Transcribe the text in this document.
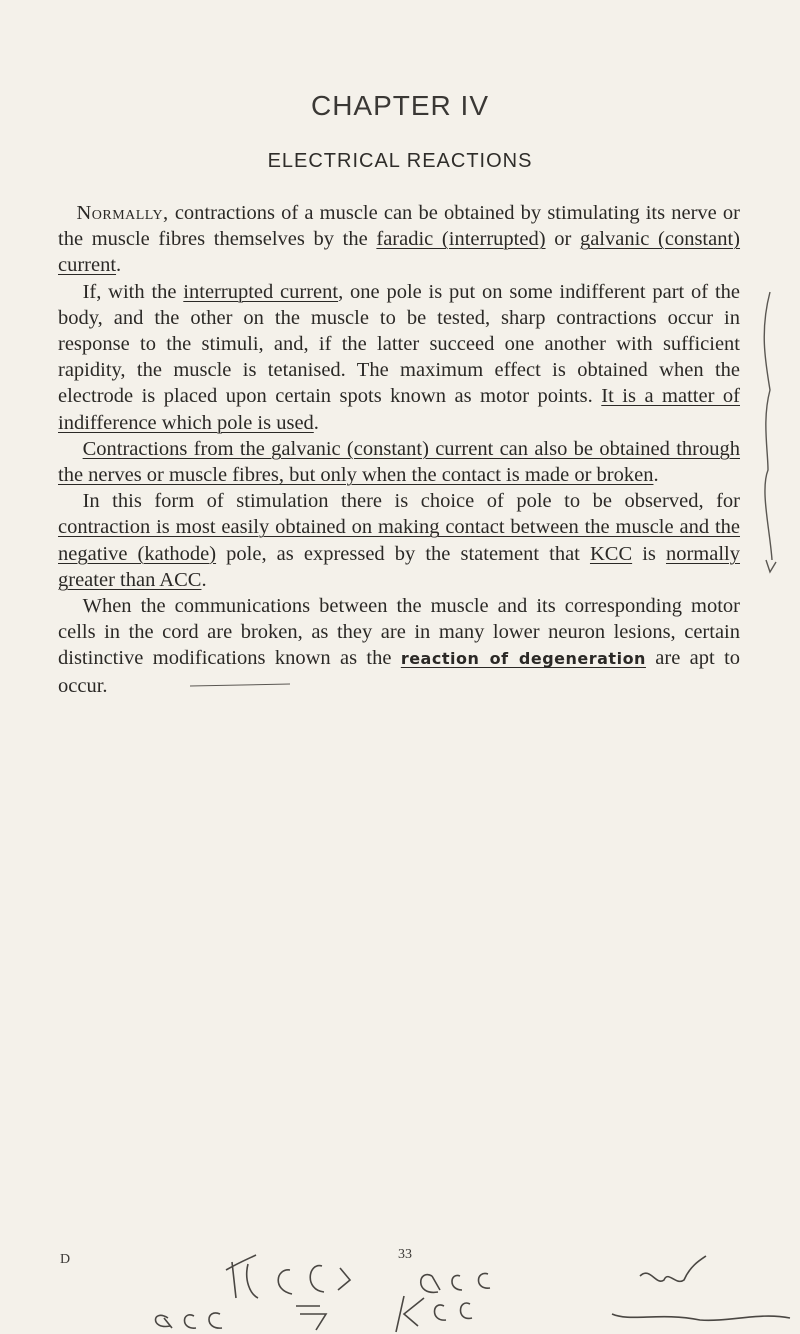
CHAPTER IV
ELECTRICAL REACTIONS

Normally, contractions of a muscle can be obtained by stimulating its nerve or the muscle fibres themselves by the faradic (interrupted) or galvanic (constant) current.

If, with the interrupted current, one pole is put on some indifferent part of the body, and the other on the muscle to be tested, sharp contractions occur in response to the stimuli, and, if the latter succeed one another with sufficient rapidity, the muscle is tetanised. The maximum effect is obtained when the electrode is placed upon certain spots known as motor points. It is a matter of indifference which pole is used.

Contractions from the galvanic (constant) current can also be obtained through the nerves or muscle fibres, but only when the contact is made or broken.

In this form of stimulation there is choice of pole to be observed, for contraction is most easily obtained on making contact between the muscle and the negative (kathode) pole, as expressed by the statement that KCC is normally greater than ACC.

When the communications between the muscle and its corresponding motor cells in the cord are broken, as they are in many lower neuron lesions, certain distinctive modifications known as the reaction of degeneration are apt to occur.

D	33
